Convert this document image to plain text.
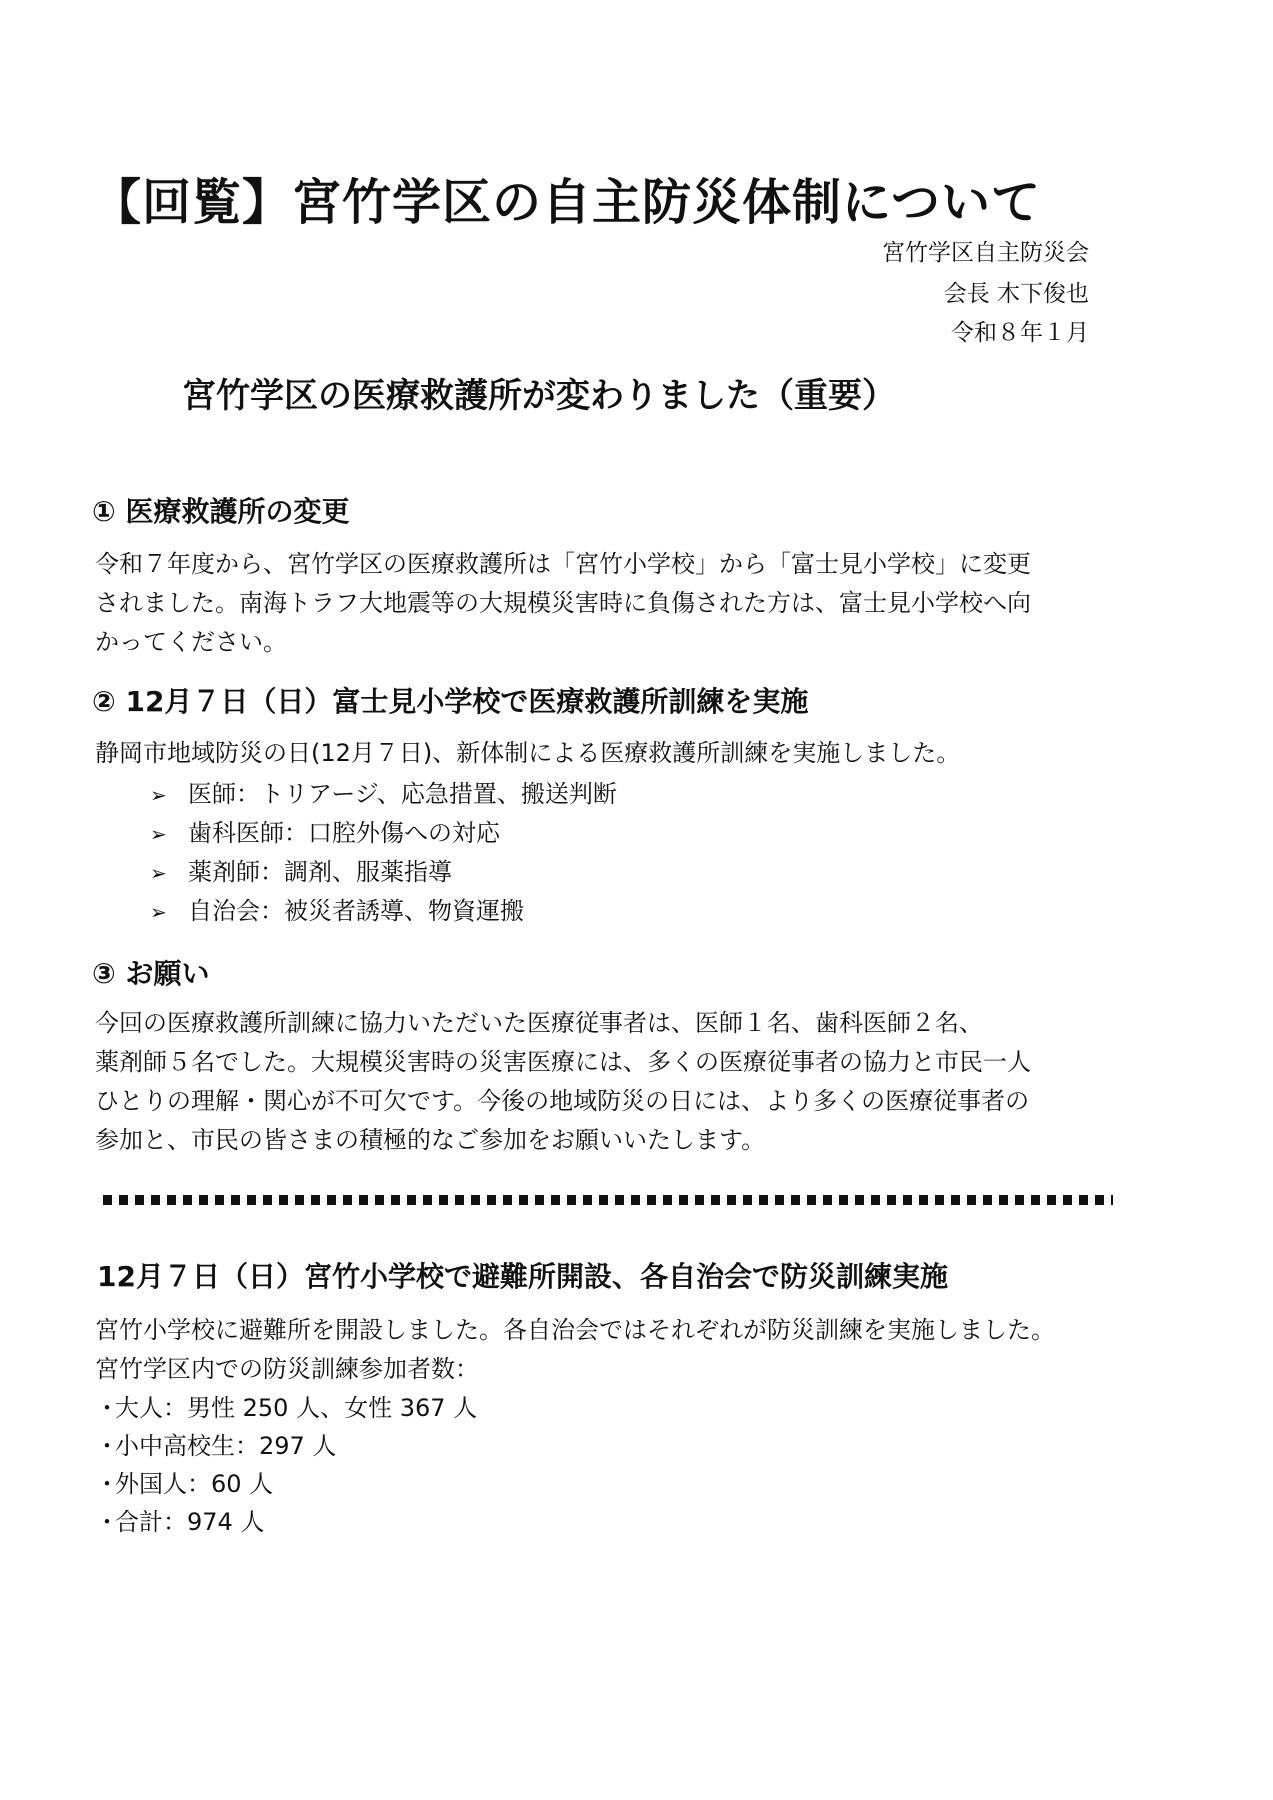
【回覧】宮竹学区の自主防災体制について
宮竹学区自主防災会
会長 木下俊也
令和８年１月
宮竹学区の医療救護所が変わりました（重要）
① 医療救護所の変更
令和７年度から、宮竹学区の医療救護所は「宮竹小学校」から「富士見小学校」に変更
されました。南海トラフ大地震等の大規模災害時に負傷された方は、富士見小学校へ向
かってください。
② 12月７日（日）富士見小学校で医療救護所訓練を実施
静岡市地域防災の日(12月７日)、新体制による医療救護所訓練を実施しました。
➢ 医師：トリアージ、応急措置、搬送判断
➢ 歯科医師：口腔外傷への対応
➢ 薬剤師：調剤、服薬指導
➢ 自治会：被災者誘導、物資運搬
③ お願い
今回の医療救護所訓練に協力いただいた医療従事者は、医師１名、歯科医師２名、
薬剤師５名でした。大規模災害時の災害医療には、多くの医療従事者の協力と市民一人
ひとりの理解・関心が不可欠です。今後の地域防災の日には、より多くの医療従事者の
参加と、市民の皆さまの積極的なご参加をお願いいたします。
12月７日（日）宮竹小学校で避難所開設、各自治会で防災訓練実施
宮竹小学校に避難所を開設しました。各自治会ではそれぞれが防災訓練を実施しました。
宮竹学区内での防災訓練参加者数：
・大人：男性 250 人、女性 367 人
・小中高校生：297 人
・外国人：60 人
・合計：974 人
